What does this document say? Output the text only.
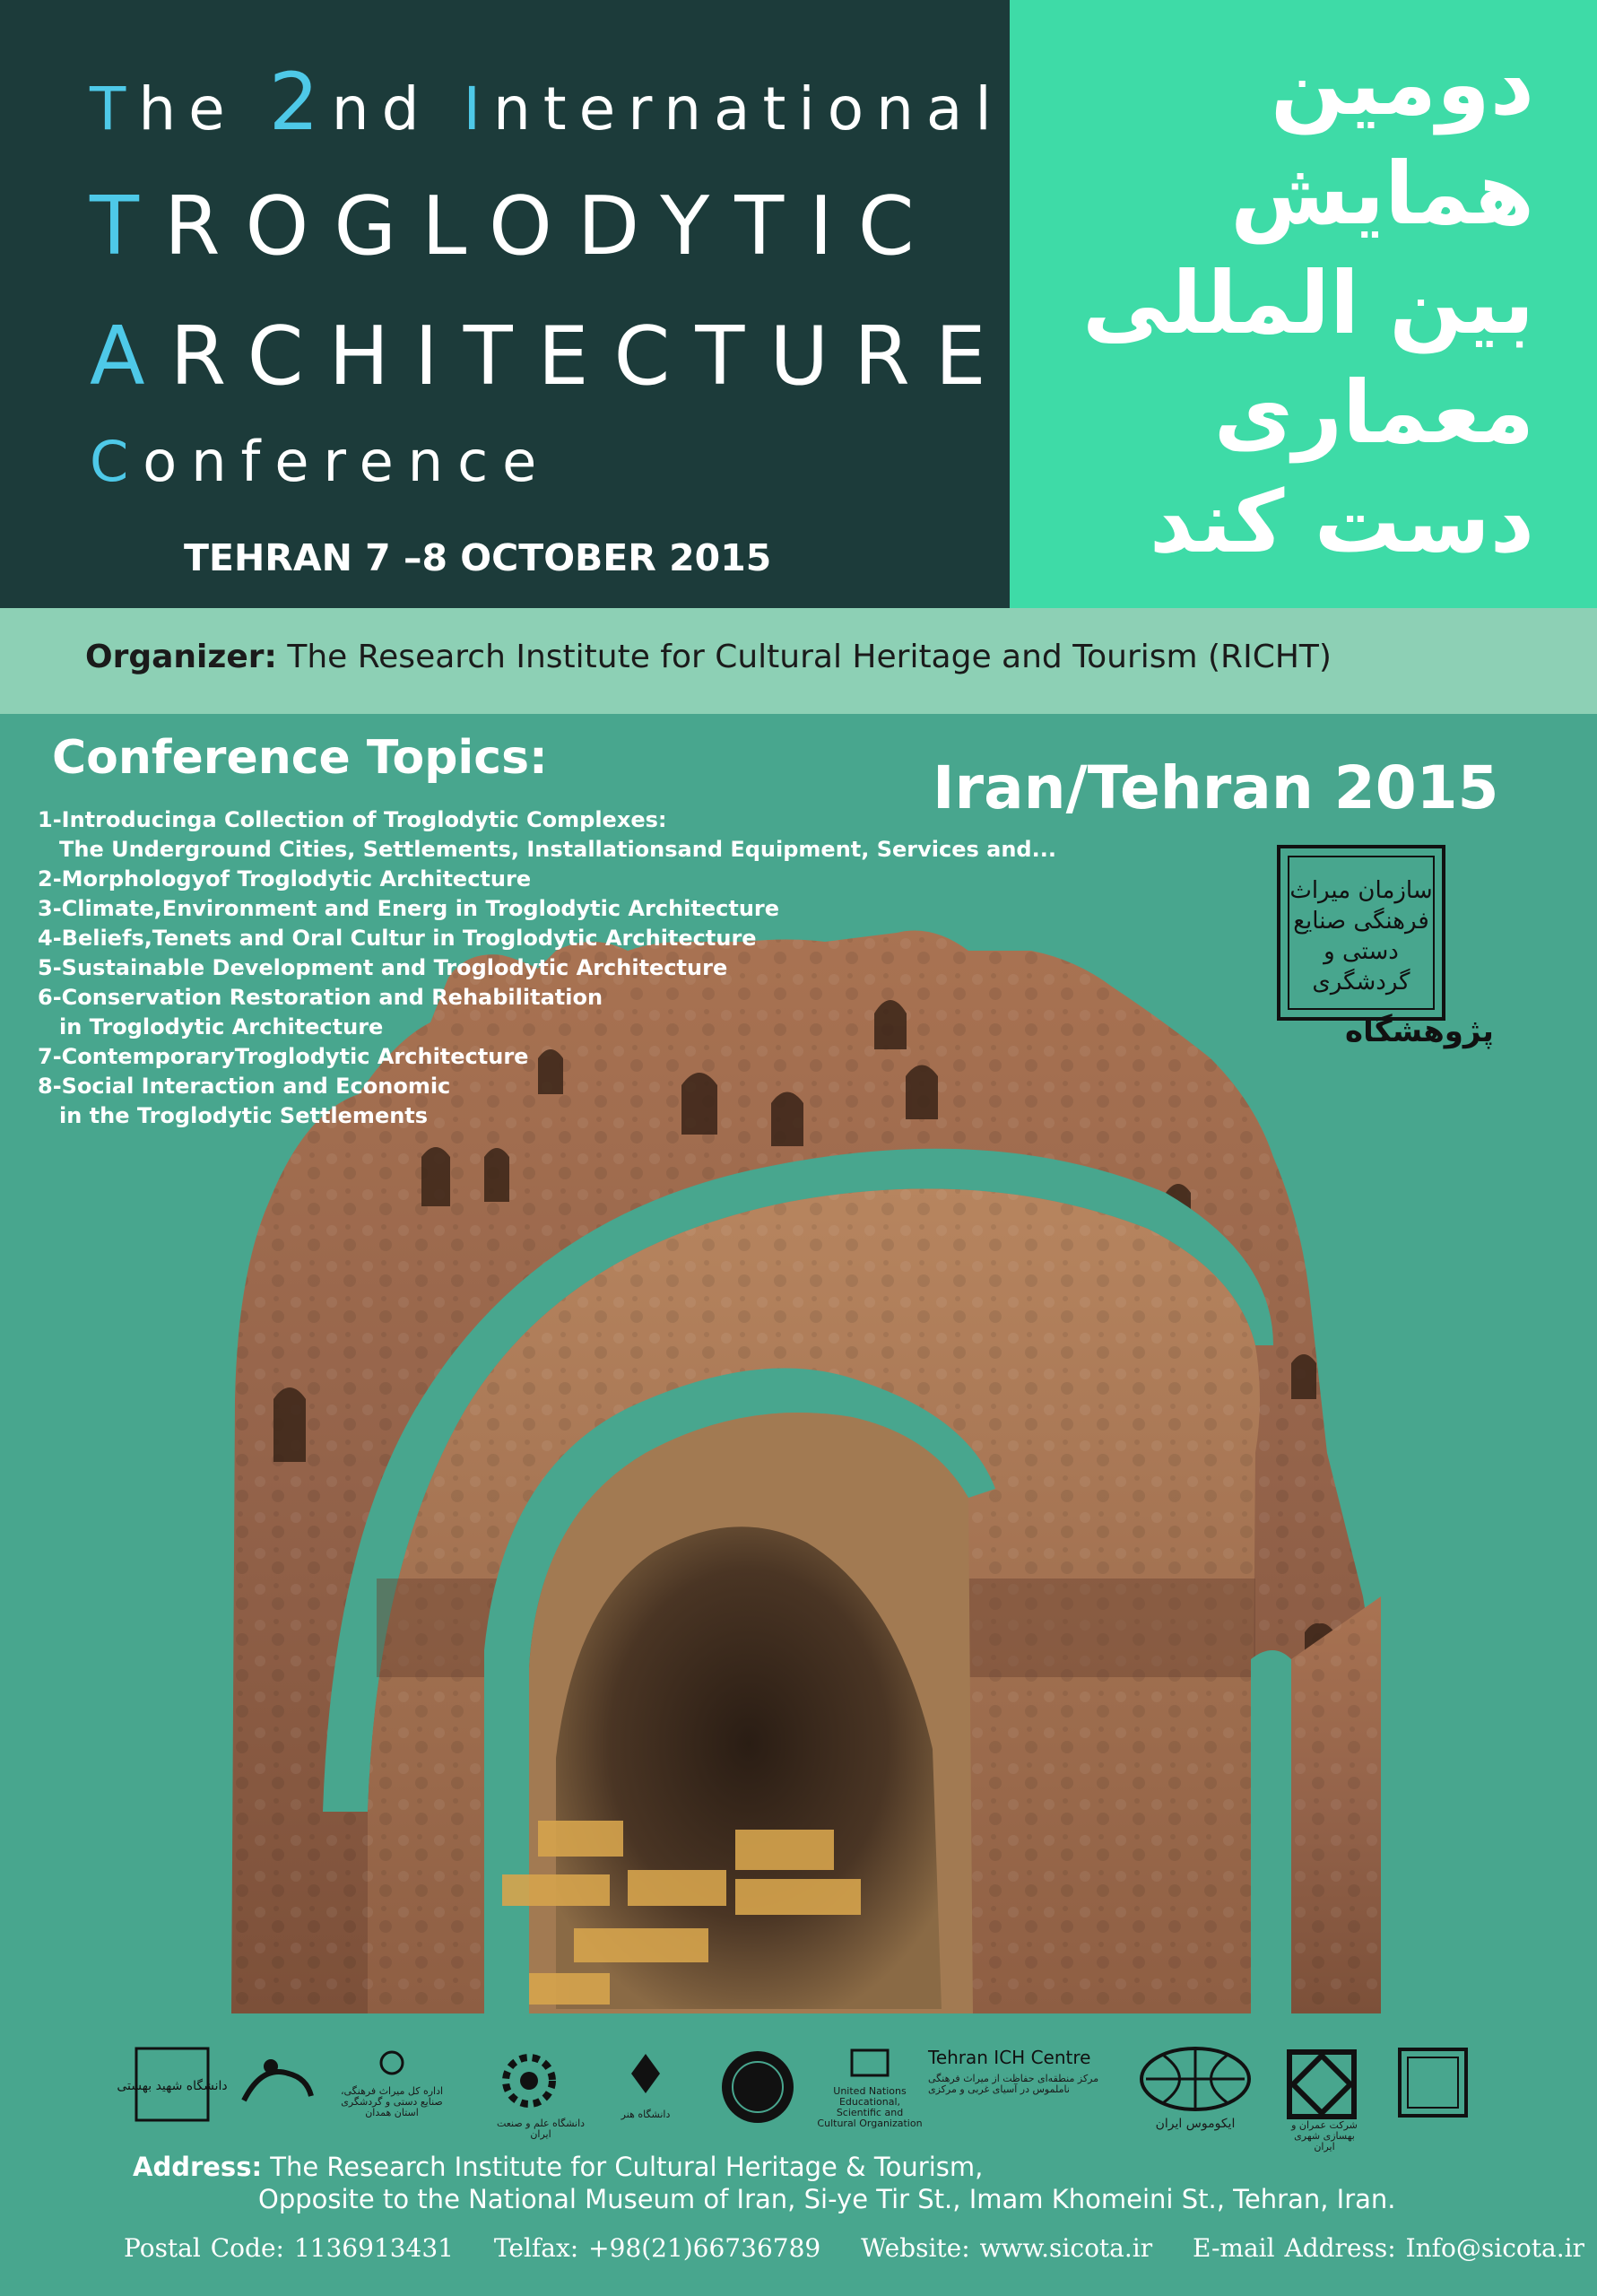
The 2nd International
TROGLODYTIC
ARCHITECTURE
Conference
TEHRAN 7 –8 OCTOBER 2015
دومین
همایش
بین المللی
معماری
دست کند
Organizer: The Research Institute for Cultural Heritage and Tourism (RICHT)
Conference Topics:	Iran/Tehran 2015
1-Introducinga Collection of Troglodytic Complexes:
The Underground Cities, Settlements, Installationsand Equipment, Services and...
2-Morphologyof Troglodytic Architecture
3-Climate,Environment and Energ in Troglodytic Architecture
4-Beliefs,Tenets and Oral Cultur in Troglodytic Architecture
5-Sustainable Development and Troglodytic Architecture
6-Conservation Restoration and Rehabilitation
in Troglodytic Architecture
7-ContemporaryTroglodytic Architecture
8-Social Interaction and Economic
in the Troglodytic Settlements
سازمان میراث فرهنگی صنایع دستی و گردشگری
پژوهشگاه
دانشگاه شهید بهشتی	اداره کل میراث فرهنگی، صنایع دستی و گردشگری استان همدان
دانشگاه علم و صنعت ایران
دانشگاه هنر
United Nations Educational, Scientific and Cultural Organization
Tehran ICH Centre
مرکز منطقه‌ای حفاظت از میراث فرهنگی ناملموس در آسیای غربی و مرکزی
ایکوموس ایران	شرکت عمران و بهسازی شهری ایران
Address: The Research Institute for Cultural Heritage & Tourism,
Opposite to the National Museum of Iran, Si-ye Tir St., Imam Khomeini St., Tehran, Iran.
Postal Code: 1136913431 Telfax: +98(21)66736789 Website: www.sicota.ir E-mail Address: Info@sicota.ir
